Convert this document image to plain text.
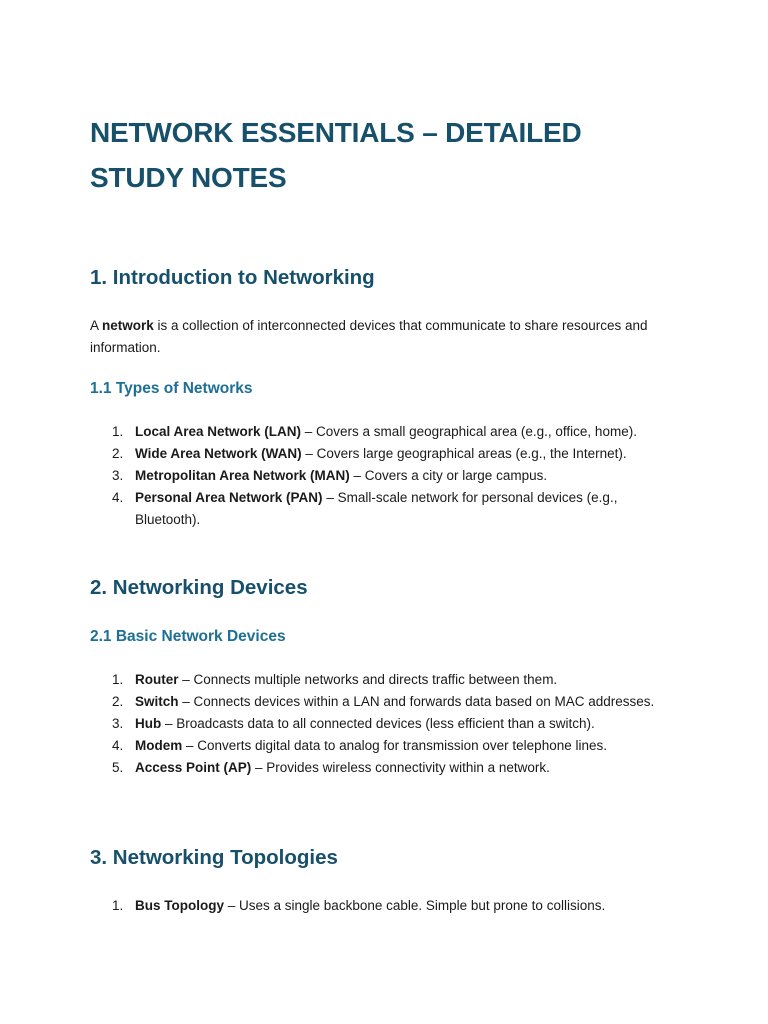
NETWORK ESSENTIALS – DETAILED STUDY NOTES
1. Introduction to Networking

A network is a collection of interconnected devices that communicate to share resources and information.

1.1 Types of Networks
1. Local Area Network (LAN) – Covers a small geographical area (e.g., office, home).
2. Wide Area Network (WAN) – Covers large geographical areas (e.g., the Internet).
3. Metropolitan Area Network (MAN) – Covers a city or large campus.
4. Personal Area Network (PAN) – Small-scale network for personal devices (e.g., Bluetooth).
2. Networking Devices
2.1 Basic Network Devices
1. Router – Connects multiple networks and directs traffic between them.
2. Switch – Connects devices within a LAN and forwards data based on MAC addresses.
3. Hub – Broadcasts data to all connected devices (less efficient than a switch).
4. Modem – Converts digital data to analog for transmission over telephone lines.
5. Access Point (AP) – Provides wireless connectivity within a network.
3. Networking Topologies
1. Bus Topology – Uses a single backbone cable. Simple but prone to collisions.
